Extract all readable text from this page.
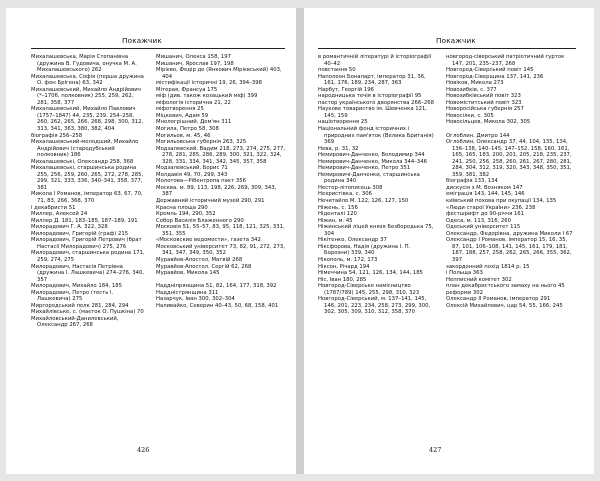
Покажчик

Михалашевська, Марія Степанівна (дружина В. Гудовича, онучка М. А. Михалашевського) 262

Михалашевська, Софія (перша дружина О. фон Брігена) 63, 342

Михалашевський, Михайло Андрійович (*–1706, полковник) 255, 259, 262, 281, 358, 377

Михалашевський, Михайло Павлович (1757–1847) 44, 235, 239, 254–258, 260, 262, 265, 266, 268, 298, 300, 312, 313, 341, 363, 380, 382, 404

біографія 256–258

Михалашевський-молодший, Михайло Андрійович (стародубський полковник) 186

Михалашевські, Олександр 258, 368

Михалашевські, старшинська родина 255, 256, 259, 260, 265, 272, 278, 285, 299, 321, 333, 336, 340–341, 358, 377, 381

Микола I Романов, імператор 63, 67, 70, 71, 83, 266, 368, 370

і декабристи 51

Миллер, Алексей 24

Миллер Д. 181, 183–185, 187–189, 191

Милорадович Г. А. 322, 328

Милорадович, Григорій (граф) 215

Милорадович, Григорій Петрович (брат Настасії Милорадович) 275, 276

Милорадович, старшинська родина 171, 259, 274, 275

Милорадович, Настасія Петрівна (дружина І. Лашкевича) 274–276, 340, 357

Милорадович, Михайло 184, 185

Милорадович, Петро (тесть І. Лашкевича) 275

Миргородський полк 281, 284, 294

Михайлівське, с. (маєток О. Пушкіна) 70

Михайловський-Данилевський, Олександр 267, 268

Мишанич, Олекса 158, 197

Мишанич, Ярослав 197, 198

Мірієво, Федір де (Янкович Мірієвський) 403, 404

містифікації історичні 19, 26, 394–398

Мітерая, Франсуа 175

міф (див. також козацький міф) 399

міфологія історична 21, 22

міфотворення 25

Міцкевич, Адам 59

Мнологрішний, Дем'ян 311

Могила, Петро 58, 308

Могильов, м. 45, 46

Могильовська губернія 263, 325

Модзалевский, Вадим 218, 273, 274, 275, 277, 278, 281, 285, 286, 289, 300, 321, 322, 324, 328, 331, 334, 341, 342, 345, 357, 358

Модзалевський, Борис 71

Молдавія 49, 70, 299, 343

Молотова—Рібентропа пакт 356

Москва, м. 89, 113, 198, 226, 269, 309, 343, 387

Державний історичний музей 290, 291

Красна площа 290

Кремль 194, 290, 352

Собор Василія Блаженного 290

Московія 51, 55–57, 83, 95, 118, 121, 325, 331, 351, 355

«Московские ведомости», газета 342

Московський університет 73, 82, 91, 272, 273, 341, 347, 349, 350, 352

Муравйов-Апостол, Матвій 268

Муравйов-Апостол, Сергій 62, 268

Муравйов, Микола 145

Наддніпрянщина 51, 82, 164, 177, 318, 392

Наддністрянщина 311

Назарчук, Іван 300, 302–304

Наливайко, Северин 40–43, 50, 68, 158, 401

426
Покажчик

в романтичній літературі й історіографії 40–42

повстання 50

Наполеон Бонапарт, імператор 31, 36, 161, 176, 189, 234, 287, 363

Нарбут, Георгій 196

народницька течія в історіографії 95

пастор українського дворянства 266–268

Наукове товариство ім. Шевченка 121, 145, 159

націотворення 25

Національний фонд історичних і природних пам'яток (Велика Британія) 369

Нева, р. 31, 32

Немирович-Данченко, Володимир 344

Немирович-Данченко, Микола 344–346

Немирович-Данченко, Петро 351

Немировичі-Данченки, старшинська родина 340

Нестор-літописець 308

Нехристівка, с. 306

Нечитайло М. 122, 126, 127, 150

Ніжень, с. 156

Ніденталі 120

Ніжин, м. 45

Ніжинський ліцей князя Безбородька 75, 304

Нікітенко, Олександр 37

Ніксфорова, Надія (дружина І. П. Борозни) 339, 340

Нікополь, м. 172, 173

Ніксон, Річард 194

Німеччина 54, 121, 126, 134, 144, 185

Ніс, Іван 180, 285

Новгород-Сіверське намісництво (1787/789) 145, 255, 298, 310, 323

Новгород-Сіверський, м. 137–141, 145, 146, 201, 223, 234, 258, 273, 299, 300, 302, 305, 309, 310, 312, 358, 370

новгород-сіверський патріотичний гурток 147, 201, 235–237, 268

Новгород-Сіверський повіт 145

Новгород-Сіверщина 137, 141, 236

Новіков, Микола 273

Новозибків, с. 377

Новозибківський повіт 323

Новоміститський повіт 323

Новоросійська губернія 257

Новосілки, с. 305

Новосільцев, Микола 302, 305

Оглоблин, Дмитро 144

Оглоблин, Олександр 37, 44, 104, 135, 134, 136–138, 140–145, 147–152, 158, 160, 161, 165, 165, 183, 200, 201, 205, 218, 235, 237, 241, 250, 256, 258, 260, 261, 267, 280, 281, 284, 304, 312, 319, 320, 343, 348, 350, 351, 359, 381, 382

біографія 133, 134

дискусія з М. Возняком 147

еміграція 143, 144, 145, 146

київський похова при окупації 134, 135

«Люди старої України» 236, 238

фестшрифт до 90-річчя 161

Одеса, м. 113, 316, 260

Одеський університет 115

Олександр, Федорівна, дружина Миколи I 67

Олександр I Романов, імператор 15, 16, 35, 87, 101, 106–108, 141, 145, 161, 179, 181, 187, 188, 257, 258, 262, 265, 266, 355, 362, 397

закордонний похід 1814 р. 15

і Польща 363

Непписний комітет 302

план декабристського замаху на нього 45

реформи 302

Олександр II Романов, імператор 291

Олексій Михайлович, цар 54, 55, 166, 245

427
